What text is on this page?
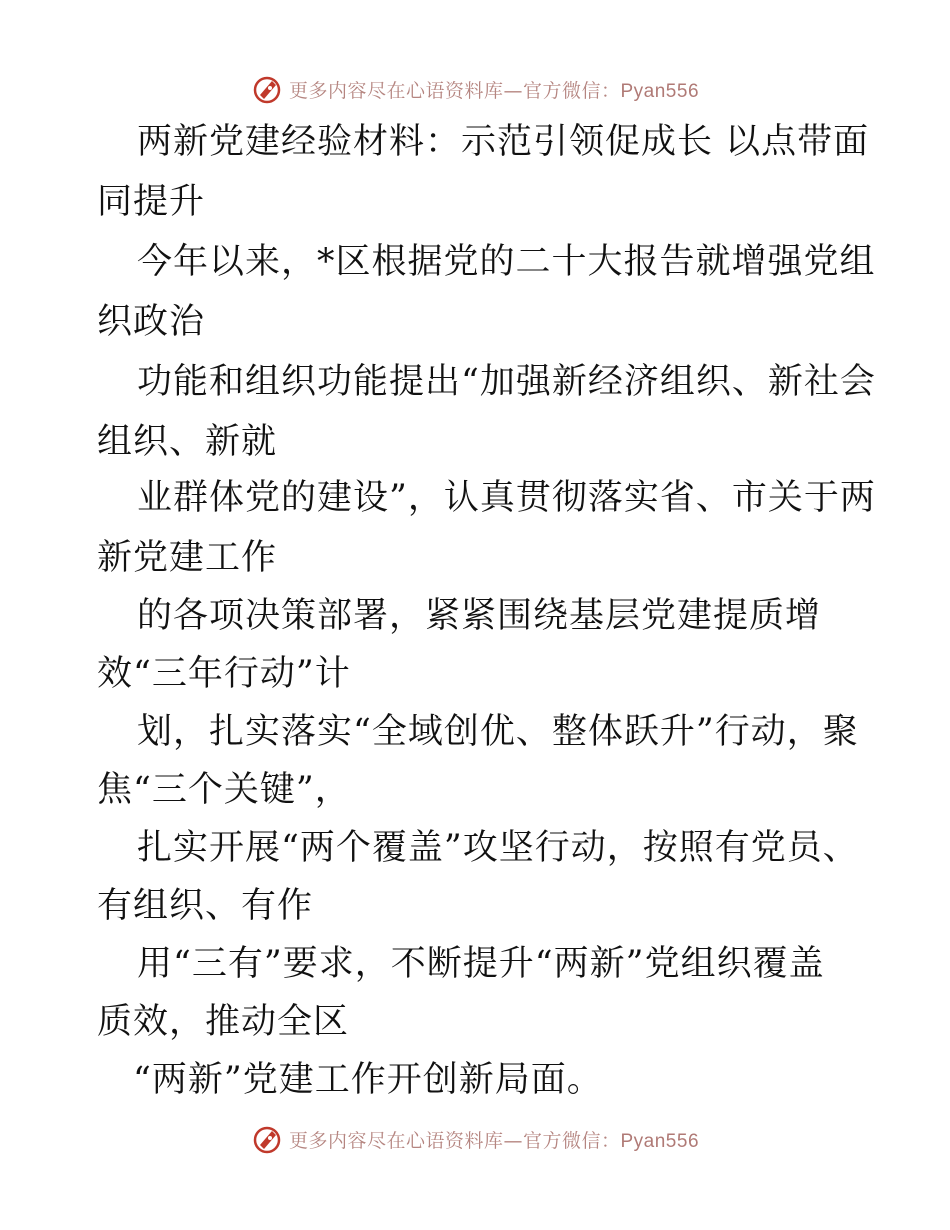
更多内容尽在心语资料库—官方微信：Pyan556
两新党建经验材料：示范引领促成长 以点带面
同提升
今年以来，*区根据党的二十大报告就增强党组
织政治
功能和组织功能提出“加强新经济组织、新社会
组织、新就
业群体党的建设”，认真贯彻落实省、市关于两
新党建工作
的各项决策部署，紧紧围绕基层党建提质增
效“三年行动”计
划，扎实落实“全域创优、整体跃升”行动，聚
焦“三个关键”，
扎实开展“两个覆盖”攻坚行动，按照有党员、
有组织、有作
用“三有”要求，不断提升“两新”党组织覆盖
质效，推动全区
“两新”党建工作开创新局面。
更多内容尽在心语资料库—官方微信：Pyan556
